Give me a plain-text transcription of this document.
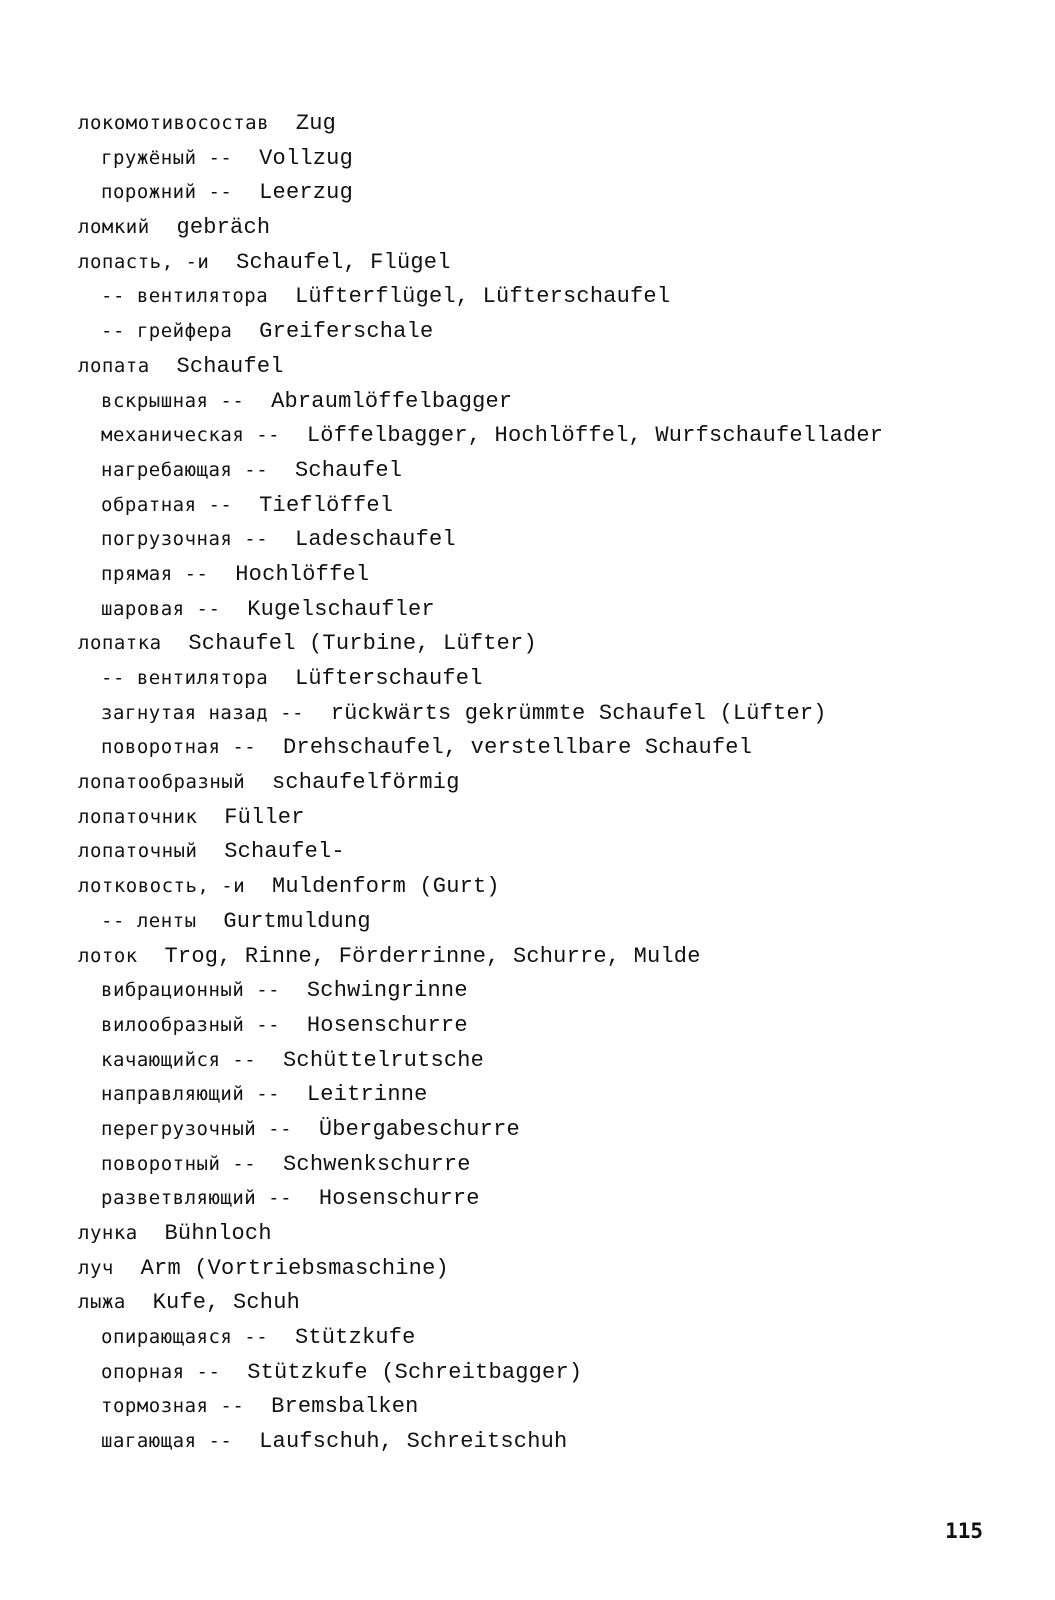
локомотивосостав Zug
гружёный -- Vollzug
порожний -- Leerzug
ломкий gebräch
лопасть, -и Schaufel, Flügel
-- вентилятора Lüfterflügel, Lüfterschaufel
-- грейфера Greiferschale
лопата Schaufel
вскрышная -- Abraumlöffelbagger
механическая -- Löffelbagger, Hochlöffel, Wurfschaufellader
нагребающая -- Schaufel
обратная -- Tieflöffel
погрузочная -- Ladeschaufel
прямая -- Hochlöffel
шаровая -- Kugelschaufler
лопатка Schaufel (Turbine, Lüfter)
-- вентилятора Lüfterschaufel
загнутая назад -- rückwärts gekrümmte Schaufel (Lüfter)
поворотная -- Drehschaufel, verstellbare Schaufel
лопатообразный schaufelförmig
лопаточник Füller
лопаточный Schaufel-
лотковость, -и Muldenform (Gurt)
-- ленты Gurtmuldung
лоток Trog, Rinne, Förderrinne, Schurre, Mulde
вибрационный -- Schwingrinne
вилообразный -- Hosenschurre
качающийся -- Schüttelrutsche
направляющий -- Leitrinne
перегрузочный -- Übergabeschurre
поворотный -- Schwenkschurre
разветвляющий -- Hosenschurre
лунка Bühnloch
луч Arm (Vortriebsmaschine)
лыжа Kufe, Schuh
опирающаяся -- Stützkufe
опорная -- Stützkufe (Schreitbagger)
тормозная -- Bremsbalken
шагающая -- Laufschuh, Schreitschuh
115
